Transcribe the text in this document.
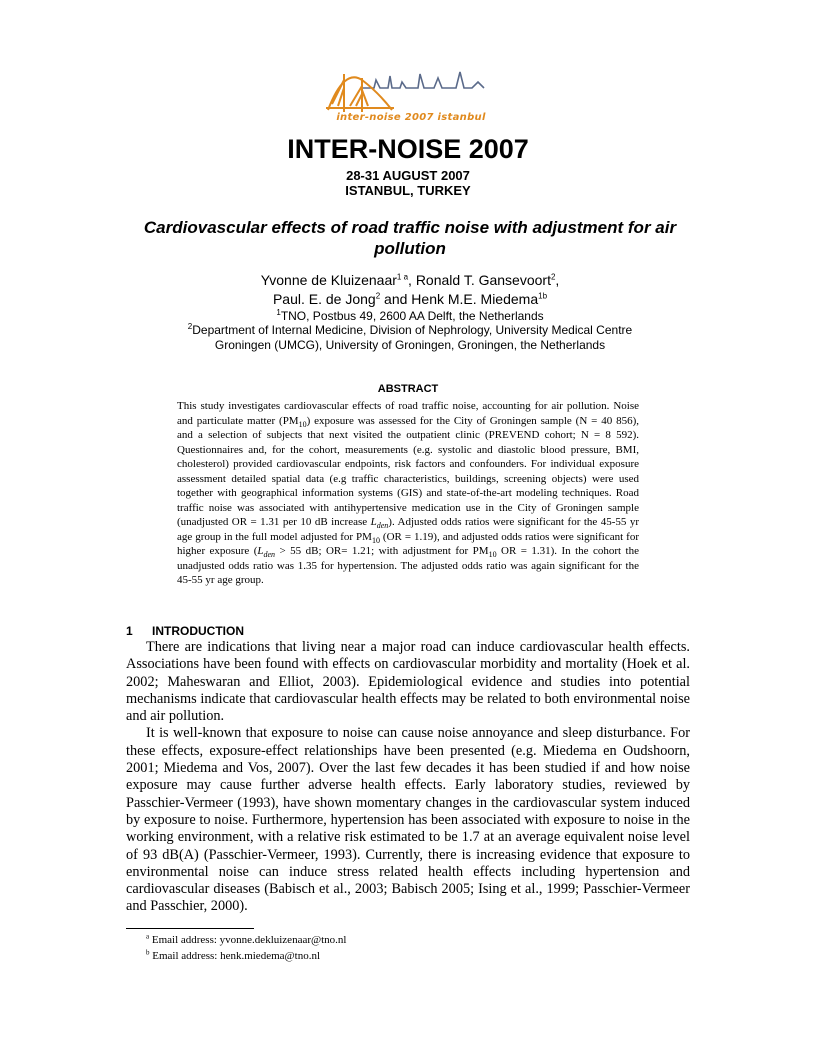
inter-noise 2007 istanbul
INTER-NOISE 2007
28-31 AUGUST 2007
ISTANBUL, TURKEY
Cardiovascular effects of road traffic noise with adjustment for air pollution
Yvonne de Kluizenaar$^{1 a}$, Ronald T. Gansevoort$^2$,
Paul. E. de Jong$^2$ and Henk M.E. Miedema$^{1b}$
$^1$TNO, Postbus 49, 2600 AA Delft, the Netherlands
$^2$Department of Internal Medicine, Division of Nephrology, University Medical Centre Groningen (UMCG), University of Groningen, Groningen, the Netherlands
ABSTRACT
This study investigates cardiovascular effects of road traffic noise, accounting for air pollution. Noise and particulate matter $(PM_{10})$ exposure was assessed for the City of Groningen sample (N = 40 856), and a selection of subjects that next visited the outpatient clinic (PREVEND cohort; N = 8 592). Questionnaires and, for the cohort, measurements (e.g. systolic and diastolic blood pressure, BMI, cholesterol) provided cardiovascular endpoints, risk factors and confounders. For individual exposure assessment detailed spatial data (e.g traffic characteristics, buildings, screening objects) were used together with geographical information systems (GIS) and state-of-the-art modeling techniques. Road traffic noise was associated with antihypertensive medication use in the City of Groningen sample (unadjusted OR = 1.31 per 10 dB increase $L_{den}$). Adjusted odds ratios were significant for the 45-55 yr age group in the full model adjusted for $PM_{10}$ (OR = 1.19), and adjusted odds ratios were significant for higher exposure ($L_{den} > 55$ dB; OR= 1.21; with adjustment for $PM_{10}$ OR = 1.31). In the cohort the unadjusted odds ratio was 1.35 for hypertension. The adjusted odds ratio was again significant for the 45-55 yr age group.
1 INTRODUCTION

There are indications that living near a major road can induce cardiovascular health effects. Associations have been found with effects on cardiovascular morbidity and mortality (Hoek et al. 2002; Maheswaran and Elliot, 2003). Epidemiological evidence and studies into potential mechanisms indicate that cardiovascular health effects may be related to both environmental noise and air pollution.

It is well-known that exposure to noise can cause noise annoyance and sleep disturbance. For these effects, exposure-effect relationships have been presented (e.g. Miedema en Oudshoorn, 2001; Miedema and Vos, 2007). Over the last few decades it has been studied if and how noise exposure may cause further adverse health effects. Early laboratory studies, reviewed by Passchier-Vermeer (1993), have shown momentary changes in the cardiovascular system induced by exposure to noise. Furthermore, hypertension has been associated with exposure to noise in the working environment, with a relative risk estimated to be 1.7 at an average equivalent noise level of 93 dB(A) (Passchier-Vermeer, 1993). Currently, there is increasing evidence that exposure to environmental noise can induce stress related health effects including hypertension and cardiovascular diseases (Babisch et al., 2003; Babisch 2005; Ising et al., 1999; Passchier-Vermeer and Passchier, 2000).

$^a$ Email address: yvonne.dekluizenaar@tno.nl
$^b$ Email address: henk.miedema@tno.nl
